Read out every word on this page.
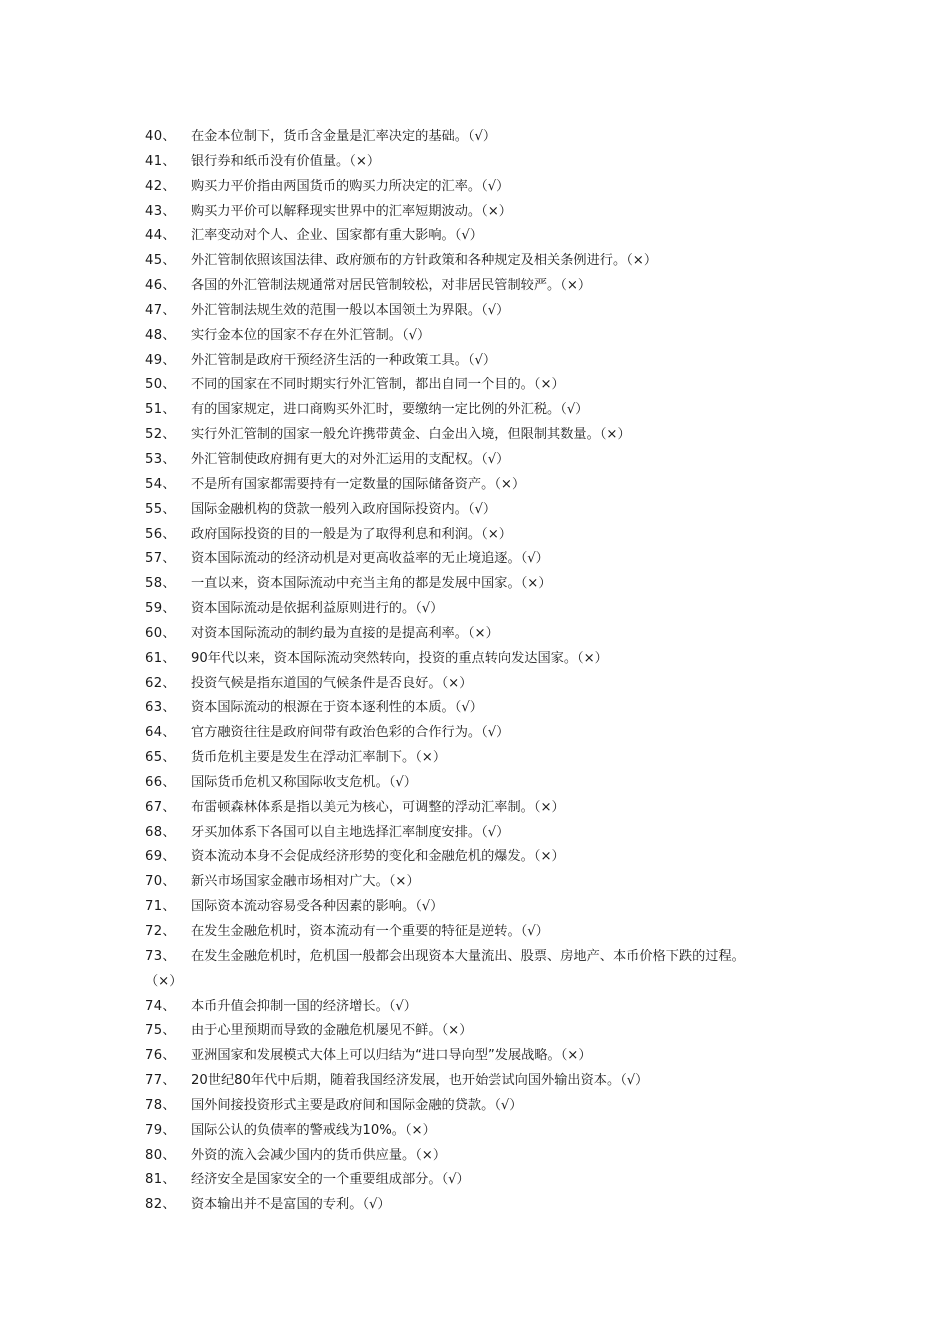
40、	在金本位制下，货币含金量是汇率决定的基础。（√）
41、	银行券和纸币没有价值量。（×）
42、	购买力平价指由两国货币的购买力所决定的汇率。（√）
43、	购买力平价可以解释现实世界中的汇率短期波动。（×）
44、	汇率变动对个人、企业、国家都有重大影响。（√）
45、	外汇管制依照该国法律、政府颁布的方针政策和各种规定及相关条例进行。（×）
46、	各国的外汇管制法规通常对居民管制较松，对非居民管制较严。（×）
47、	外汇管制法规生效的范围一般以本国领土为界限。（√）
48、	实行金本位的国家不存在外汇管制。（√）
49、	外汇管制是政府干预经济生活的一种政策工具。（√）
50、	不同的国家在不同时期实行外汇管制，都出自同一个目的。（×）
51、	有的国家规定，进口商购买外汇时，要缴纳一定比例的外汇税。（√）
52、	实行外汇管制的国家一般允许携带黄金、白金出入境，但限制其数量。（×）
53、	外汇管制使政府拥有更大的对外汇运用的支配权。（√）
54、	不是所有国家都需要持有一定数量的国际储备资产。（×）
55、	国际金融机构的贷款一般列入政府国际投资内。（√）
56、	政府国际投资的目的一般是为了取得利息和利润。（×）
57、	资本国际流动的经济动机是对更高收益率的无止境追逐。（√）
58、	一直以来，资本国际流动中充当主角的都是发展中国家。（×）
59、	资本国际流动是依据利益原则进行的。（√）
60、	对资本国际流动的制约最为直接的是提高利率。（×）
61、	90年代以来，资本国际流动突然转向，投资的重点转向发达国家。（×）
62、	投资气候是指东道国的气候条件是否良好。（×）
63、	资本国际流动的根源在于资本逐利性的本质。（√）
64、	官方融资往往是政府间带有政治色彩的合作行为。（√）
65、	货币危机主要是发生在浮动汇率制下。（×）
66、	国际货币危机又称国际收支危机。（√）
67、	布雷顿森林体系是指以美元为核心，可调整的浮动汇率制。（×）
68、	牙买加体系下各国可以自主地选择汇率制度安排。（√）
69、	资本流动本身不会促成经济形势的变化和金融危机的爆发。（×）
70、	新兴市场国家金融市场相对广大。（×）
71、	国际资本流动容易受各种因素的影响。（√）
72、	在发生金融危机时，资本流动有一个重要的特征是逆转。（√）
73、	在发生金融危机时，危机国一般都会出现资本大量流出、股票、房地产、本币价格下跌的过程。
（×）
74、	本币升值会抑制一国的经济增长。（√）
75、	由于心里预期而导致的金融危机屡见不鲜。（×）
76、	亚洲国家和发展模式大体上可以归结为“进口导向型”发展战略。（×）
77、	20世纪80年代中后期，随着我国经济发展，也开始尝试向国外输出资本。（√）
78、	国外间接投资形式主要是政府间和国际金融的贷款。（√）
79、	国际公认的负债率的警戒线为10%。（×）
80、	外资的流入会减少国内的货币供应量。（×）
81、	经济安全是国家安全的一个重要组成部分。（√）
82、	资本输出并不是富国的专利。（√）
